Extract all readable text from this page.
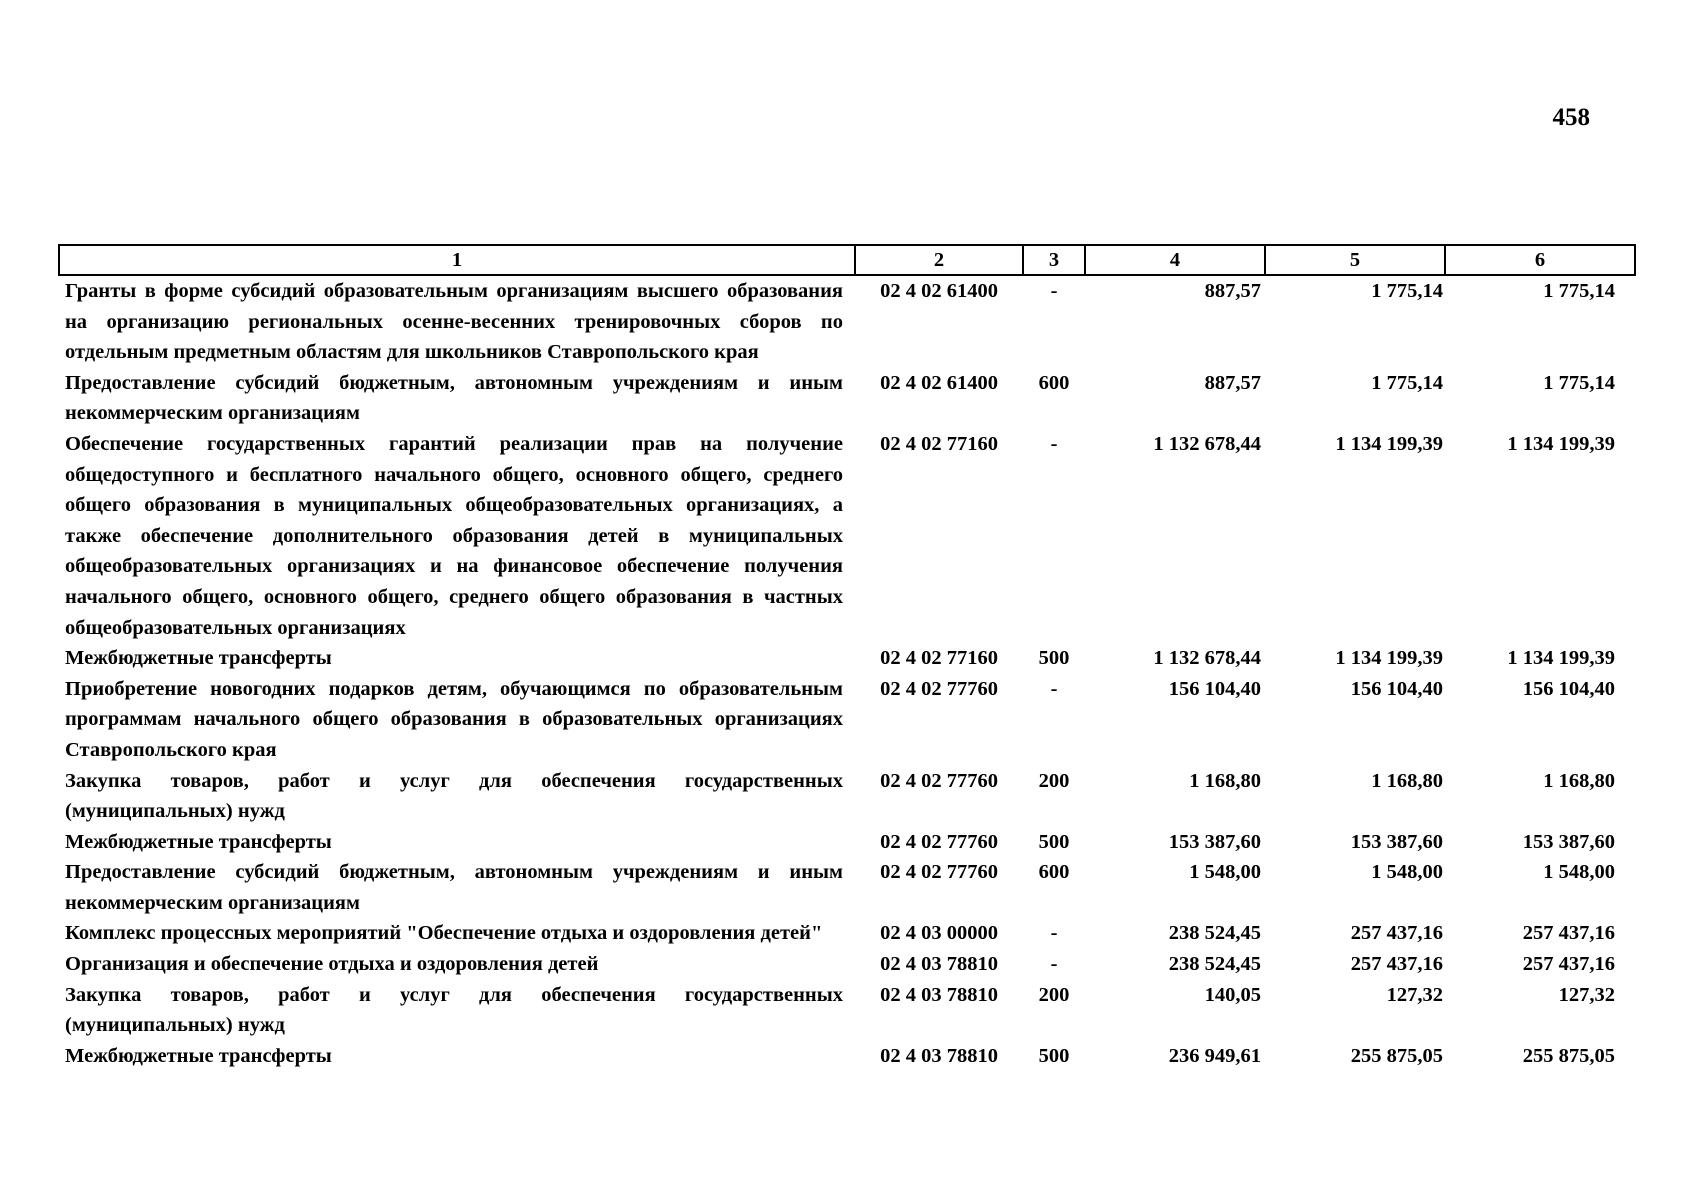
458
1	2	3	4	5	6
Гранты в форме субсидий образовательным организациям высшего образования на организацию региональных осенне-весенних тренировочных сборов по отдельным предметным областям для школьников Ставропольского края	02 4 02 61400	-	887,57	1 775,14	1 775,14
Предоставление субсидий бюджетным, автономным учреждениям и иным некоммерческим организациям	02 4 02 61400	600	887,57	1 775,14	1 775,14
Обеспечение государственных гарантий реализации прав на получение общедоступного и бесплатного начального общего, основного общего, среднего общего образования в муниципальных общеобразовательных организациях, а также обеспечение дополнительного образования детей в муниципальных общеобразовательных организациях и на финансовое обеспечение получения начального общего, основного общего, среднего общего образования в частных общеобразовательных организациях	02 4 02 77160	-	1 132 678,44	1 134 199,39	1 134 199,39
Межбюджетные трансферты	02 4 02 77160	500	1 132 678,44	1 134 199,39	1 134 199,39
Приобретение новогодних подарков детям, обучающимся по образовательным программам начального общего образования в образовательных организациях Ставропольского края	02 4 02 77760	-	156 104,40	156 104,40	156 104,40
Закупка товаров, работ и услуг для обеспечения государственных (муниципальных) нужд	02 4 02 77760	200	1 168,80	1 168,80	1 168,80
Межбюджетные трансферты	02 4 02 77760	500	153 387,60	153 387,60	153 387,60
Предоставление субсидий бюджетным, автономным учреждениям и иным некоммерческим организациям	02 4 02 77760	600	1 548,00	1 548,00	1 548,00
Комплекс процессных мероприятий "Обеспечение отдыха и оздоровления детей"	02 4 03 00000	-	238 524,45	257 437,16	257 437,16
Организация и обеспечение отдыха и оздоровления детей	02 4 03 78810	-	238 524,45	257 437,16	257 437,16
Закупка товаров, работ и услуг для обеспечения государственных (муниципальных) нужд	02 4 03 78810	200	140,05	127,32	127,32
Межбюджетные трансферты	02 4 03 78810	500	236 949,61	255 875,05	255 875,05
